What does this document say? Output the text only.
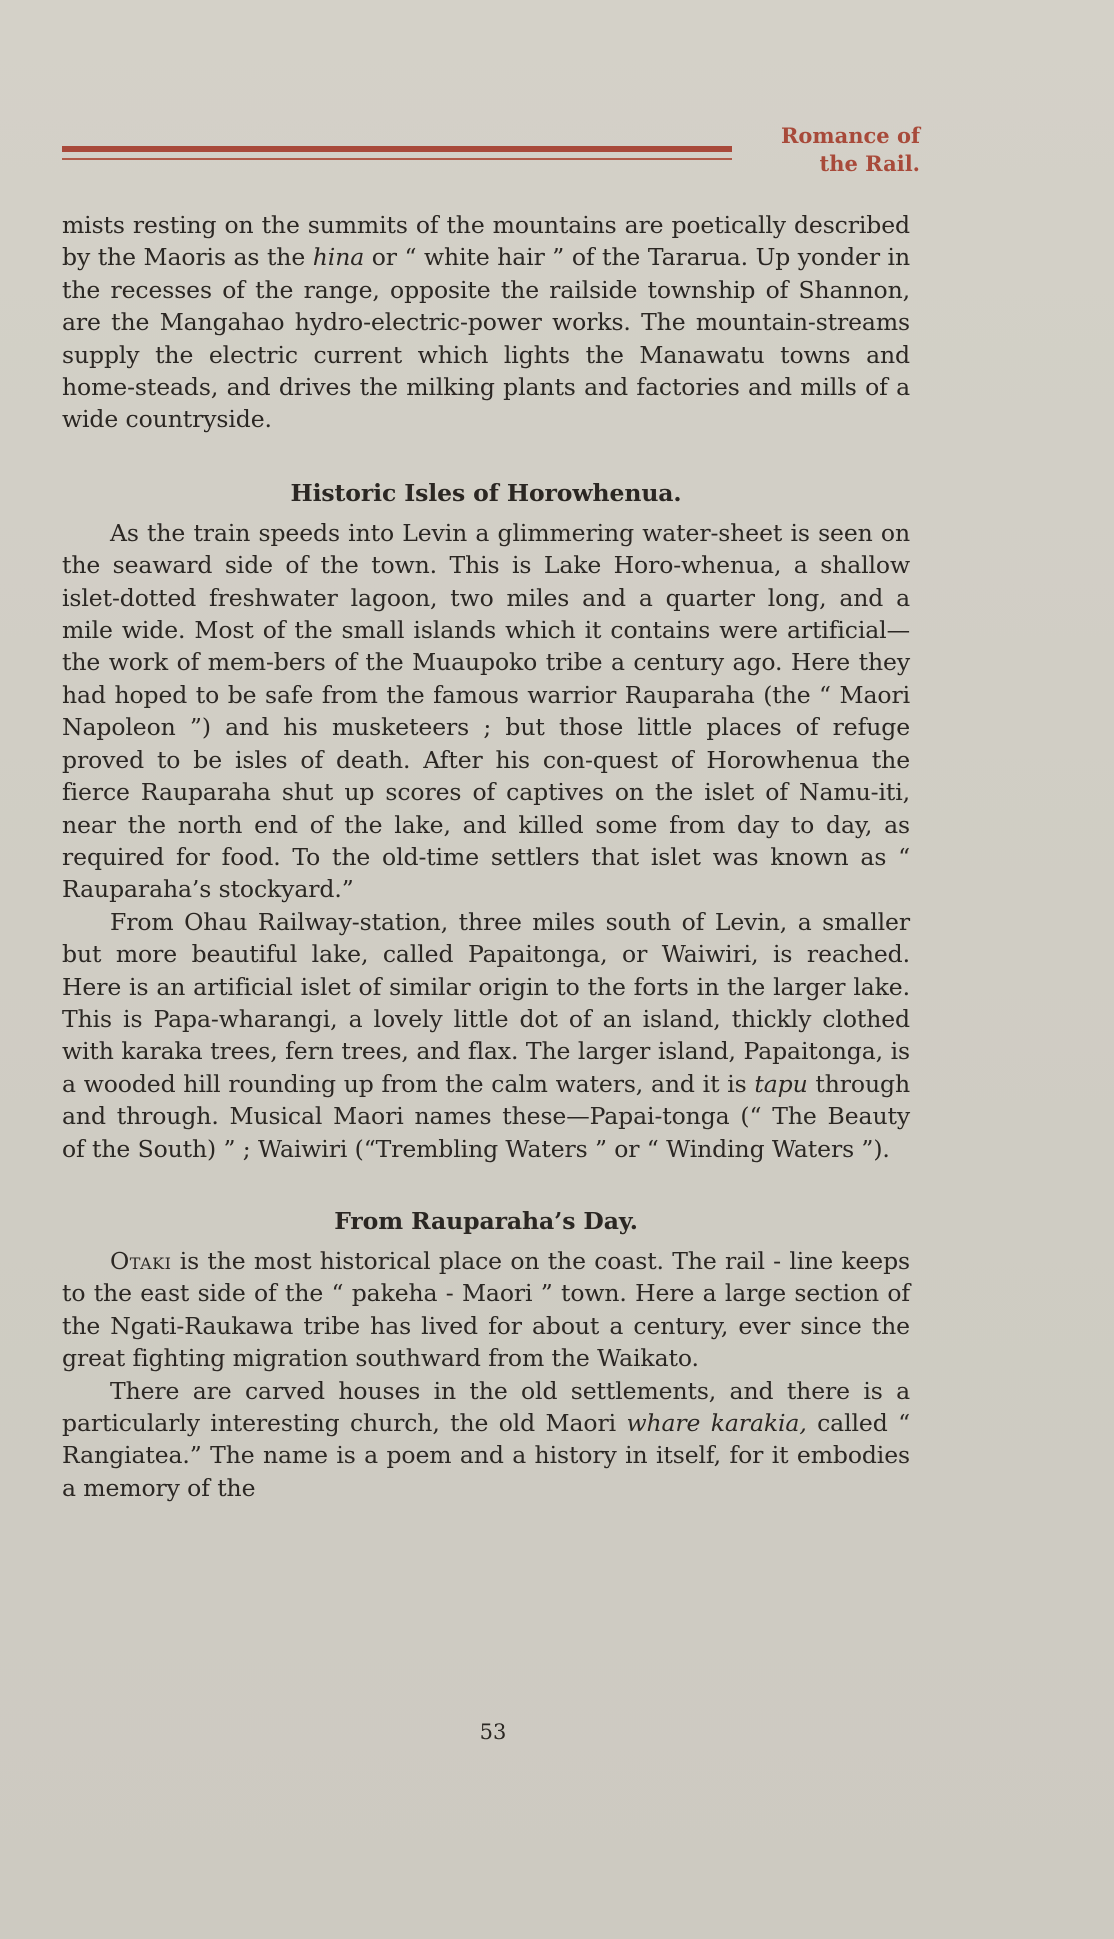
Romance of
the Rail.

mists resting on the summits of the mountains are poetically described by the Maoris as the hina or “ white hair ” of the Tararua. Up yonder in the recesses of the range, opposite the railside township of Shannon, are the Mangahao hydro-electric-power works. The mountain-streams supply the electric current which lights the Manawatu towns and home-steads, and drives the milking plants and factories and mills of a wide countryside.

Historic Isles of Horowhenua.

As the train speeds into Levin a glimmering water-sheet is seen on the seaward side of the town. This is Lake Horo-whenua, a shallow islet-dotted freshwater lagoon, two miles and a quarter long, and a mile wide. Most of the small islands which it contains were artificial—the work of mem-bers of the Muaupoko tribe a century ago. Here they had hoped to be safe from the famous warrior Rauparaha (the “ Maori Napoleon ”) and his musketeers ; but those little places of refuge proved to be isles of death. After his con-quest of Horowhenua the fierce Rauparaha shut up scores of captives on the islet of Namu-iti, near the north end of the lake, and killed some from day to day, as required for food. To the old-time settlers that islet was known as “ Rauparaha’s stockyard.”

From Ohau Railway-station, three miles south of Levin, a smaller but more beautiful lake, called Papaitonga, or Waiwiri, is reached. Here is an artificial islet of similar origin to the forts in the larger lake. This is Papa-wharangi, a lovely little dot of an island, thickly clothed with karaka trees, fern trees, and flax. The larger island, Papaitonga, is a wooded hill rounding up from the calm waters, and it is tapu through and through. Musical Maori names these—Papai-tonga (“ The Beauty of the South) ” ; Waiwiri (“Trembling Waters ” or “ Winding Waters ”).

From Rauparaha’s Day.

Otaki is the most historical place on the coast. The rail - line keeps to the east side of the “ pakeha - Maori ” town. Here a large section of the Ngati-Raukawa tribe has lived for about a century, ever since the great fighting migration southward from the Waikato.

There are carved houses in the old settlements, and there is a particularly interesting church, the old Maori whare karakia, called “ Rangiatea.” The name is a poem and a history in itself, for it embodies a memory of the

53
